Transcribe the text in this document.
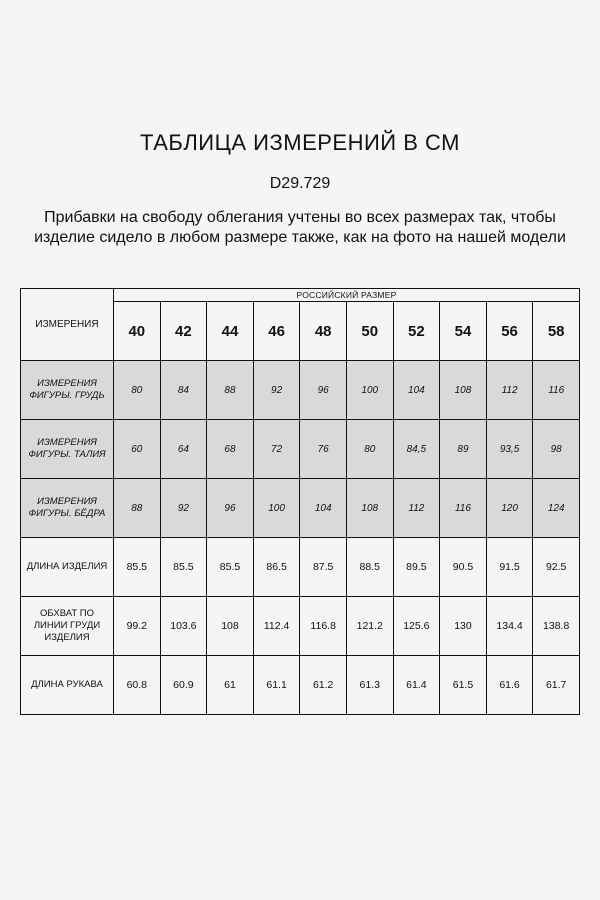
ТАБЛИЦА ИЗМЕРЕНИЙ В СМ
D29.729
Прибавки на свободу облегания учтены во всех размерах так, чтобы
изделие сидело в любом размере также, как на фото на нашей модели
ИЗМЕРЕНИЯ	РОССИЙСКИЙ РАЗМЕР									
	40	42	44	46	48	50	52	54	56	58

ИЗМЕРЕНИЯ
ФИГУРЫ. ГРУДЬ	80	84	88	92	96	100	104	108	112	116

ИЗМЕРЕНИЯ
ФИГУРЫ. ТАЛИЯ	60	64	68	72	76	80	84,5	89	93,5	98

ИЗМЕРЕНИЯ
ФИГУРЫ. БЁДРА	88	92	96	100	104	108	112	116	120	124

ДЛИНА ИЗДЕЛИЯ	85.5	85.5	85.5	86.5	87.5	88.5	89.5	90.5	91.5	92.5

ОБХВАТ ПО
ЛИНИИ ГРУДИ
ИЗДЕЛИЯ	99.2	103.6	108	112.4	116.8	121.2	125.6	130	134.4	138.8

ДЛИНА РУКАВА	60.8	60.9	61	61.1	61.2	61.3	61.4	61.5	61.6	61.7
